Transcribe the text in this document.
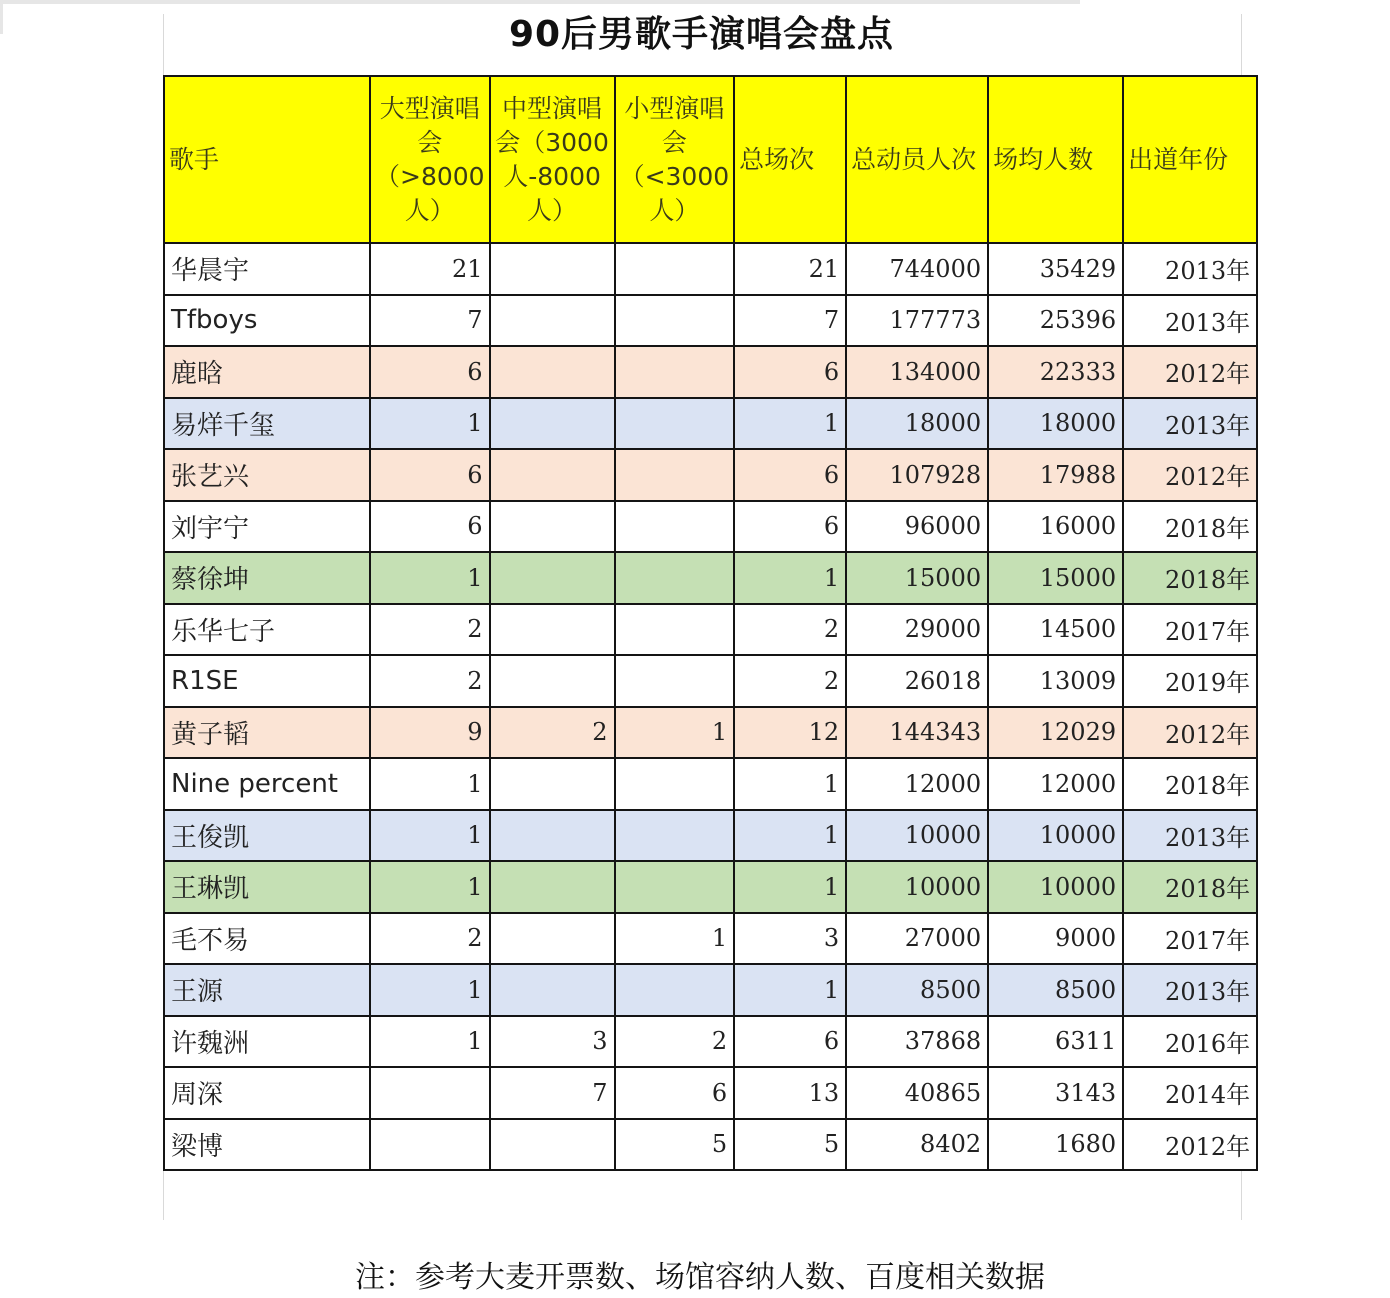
90后男歌手演唱会盘点
歌手	大型演唱会（>8000人）	中型演唱会（3000人-8000人）	小型演唱会（<3000人）	总场次	总动员人次	场均人数	出道年份
华晨宇	21			21	744000	35429	2013年
Tfboys	7			7	177773	25396	2013年
鹿晗	6			6	134000	22333	2012年
易烊千玺	1			1	18000	18000	2013年
张艺兴	6			6	107928	17988	2012年
刘宇宁	6			6	96000	16000	2018年
蔡徐坤	1			1	15000	15000	2018年
乐华七子	2			2	29000	14500	2017年
R1SE	2			2	26018	13009	2019年
黄子韬	9	2	1	12	144343	12029	2012年
Nine percent	1			1	12000	12000	2018年
王俊凯	1			1	10000	10000	2013年
王琳凯	1			1	10000	10000	2018年
毛不易	2		1	3	27000	9000	2017年
王源	1			1	8500	8500	2013年
许魏洲	1	3	2	6	37868	6311	2016年
周深		7	6	13	40865	3143	2014年
梁博			5	5	8402	1680	2012年
注：参考大麦开票数、场馆容纳人数、百度相关数据
